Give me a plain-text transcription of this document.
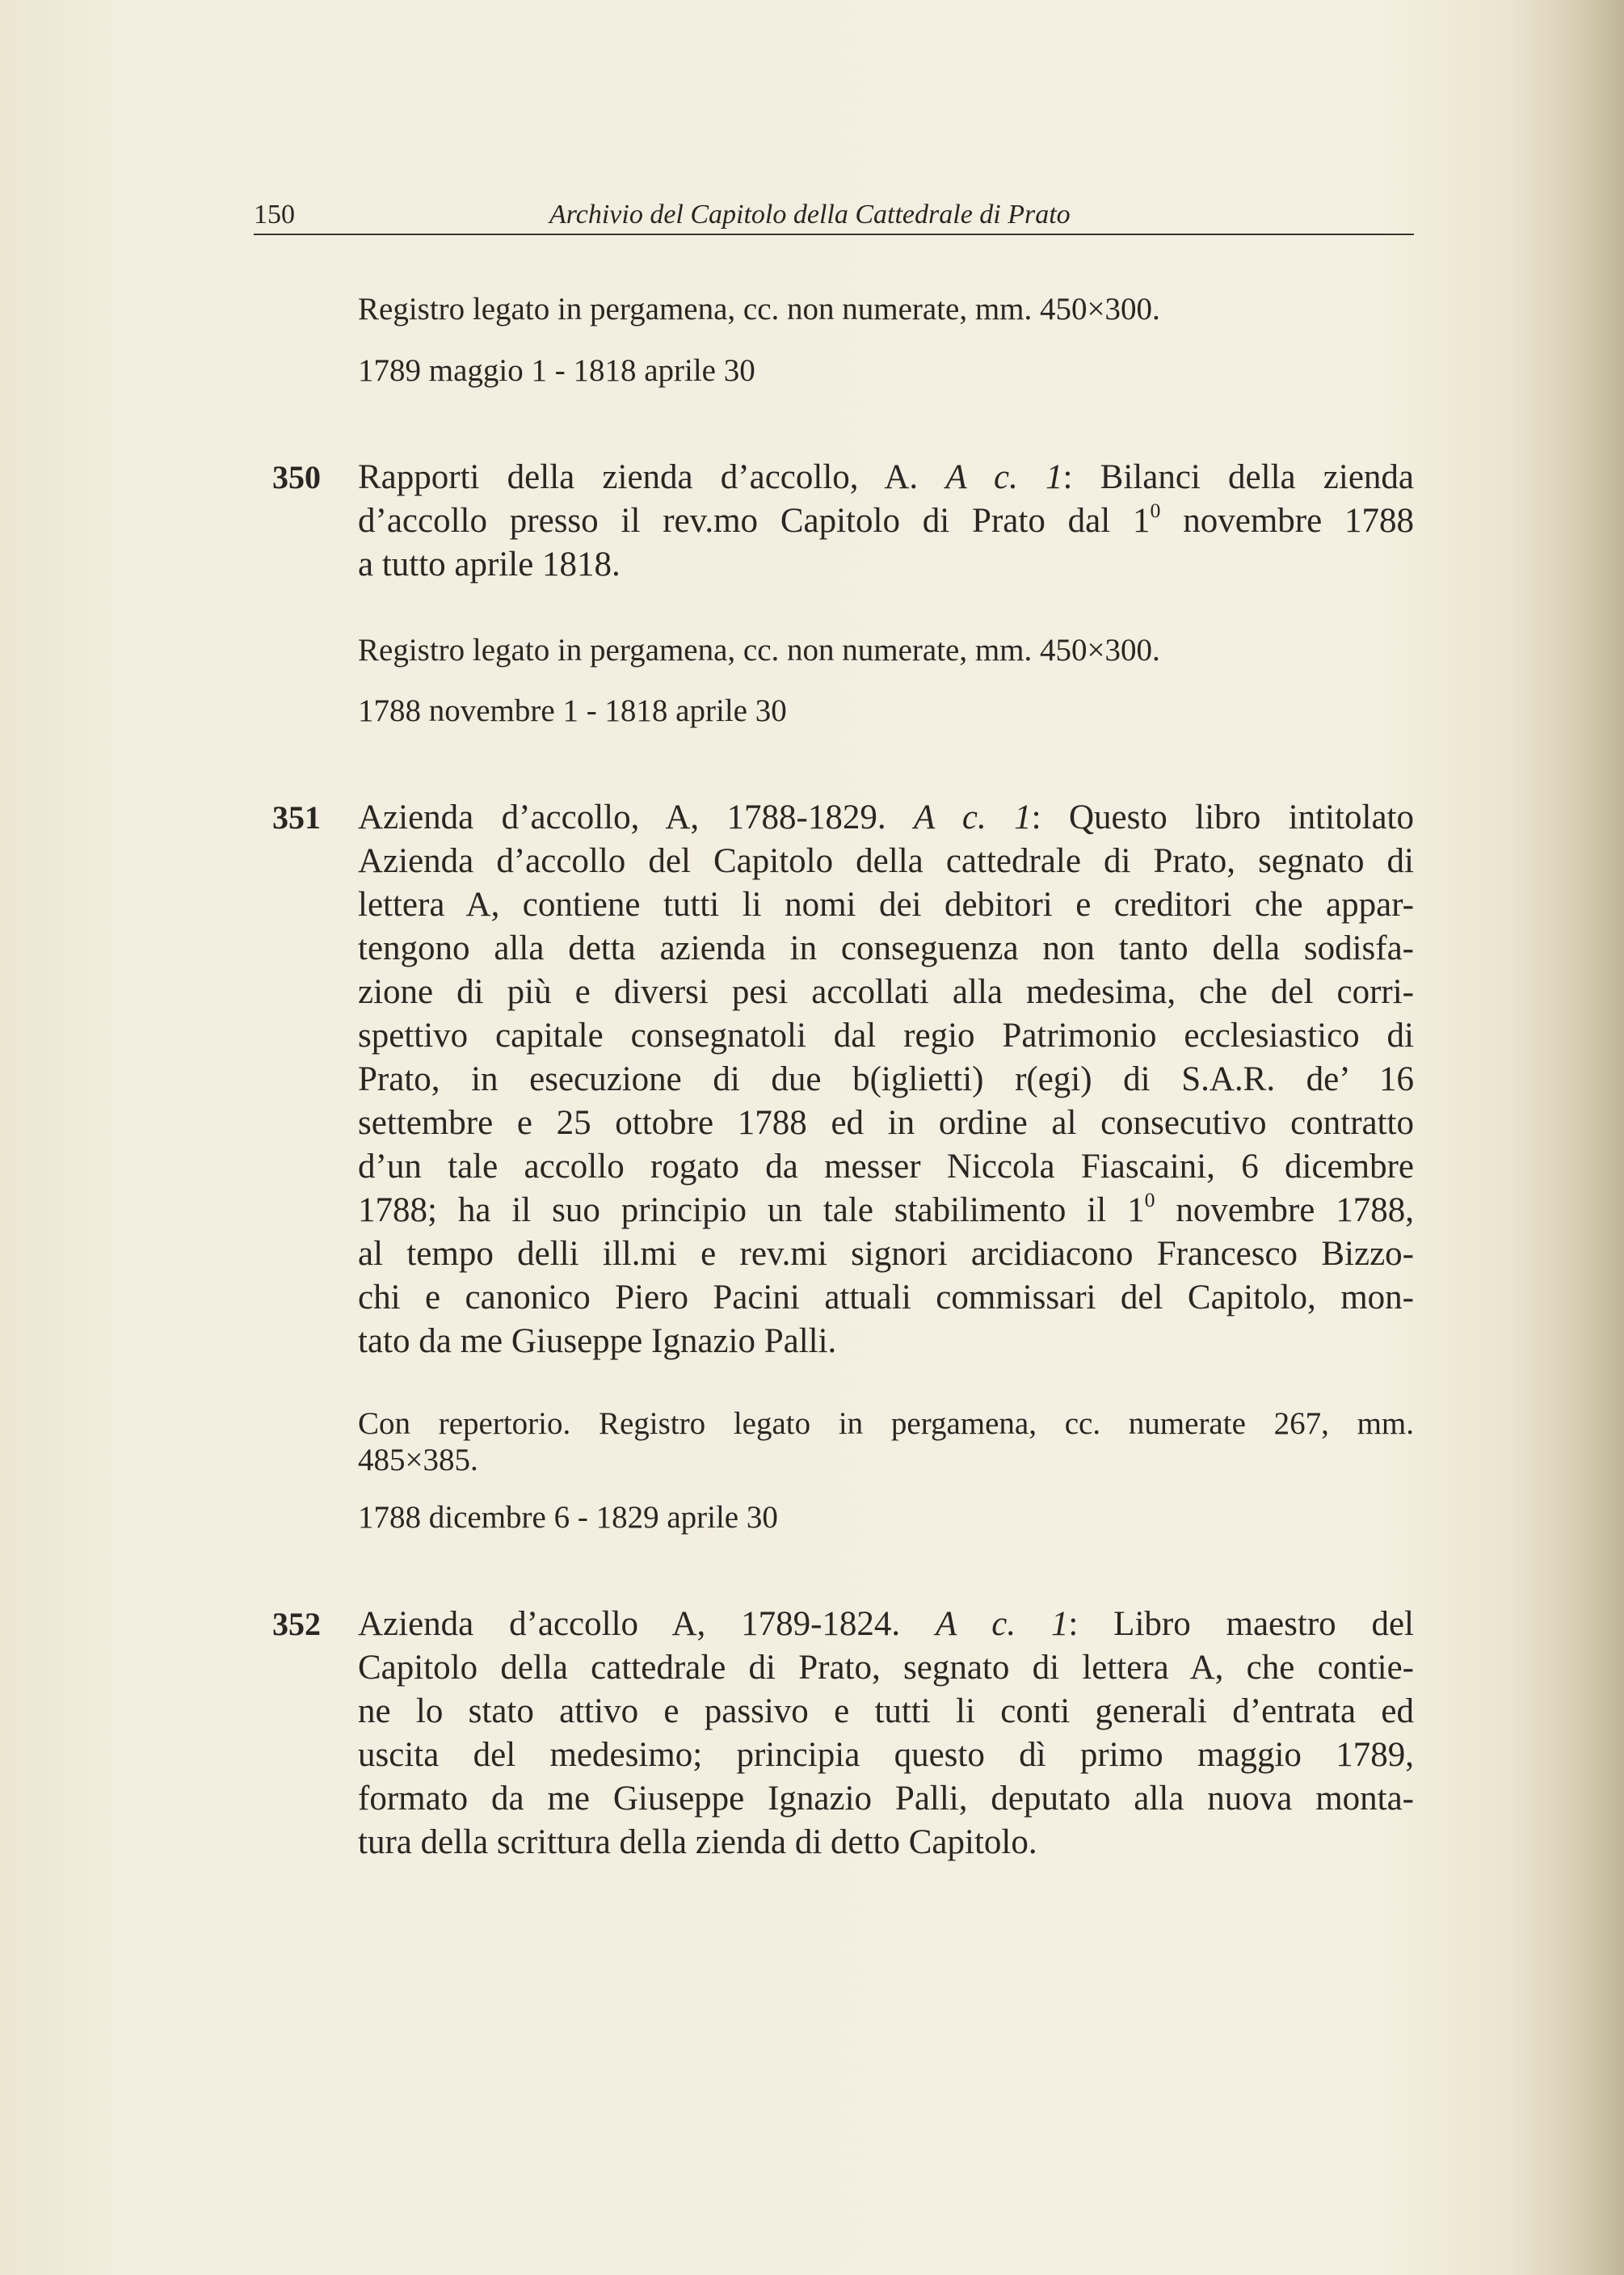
150	Archivio del Capitolo della Cattedrale di Prato
Registro legato in pergamena, cc. non numerate, mm. 450×300.
1789 maggio 1 - 1818 aprile 30
350 Rapporti della zienda d’accollo, A. A c. 1: Bilanci della zienda
d’accollo presso il rev.mo Capitolo di Prato dal $1^0$ novembre 1788
a tutto aprile 1818.
Registro legato in pergamena, cc. non numerate, mm. 450×300.
1788 novembre 1 - 1818 aprile 30
351 Azienda d’accollo, A, 1788-1829. A c. 1: Questo libro intitolato
Azienda d’accollo del Capitolo della cattedrale di Prato, segnato di
lettera A, contiene tutti li nomi dei debitori e creditori che appar-
tengono alla detta azienda in conseguenza non tanto della sodisfa-
zione di più e diversi pesi accollati alla medesima, che del corri-
spettivo capitale consegnatoli dal regio Patrimonio ecclesiastico di
Prato, in esecuzione di due b(iglietti) r(egi) di S.A.R. de’ 16
settembre e 25 ottobre 1788 ed in ordine al consecutivo contratto
d’un tale accollo rogato da messer Niccola Fiascaini, 6 dicembre
1788; ha il suo principio un tale stabilimento il $1^0$ novembre 1788,
al tempo delli ill.mi e rev.mi signori arcidiacono Francesco Bizzo-
chi e canonico Piero Pacini attuali commissari del Capitolo, mon-
tato da me Giuseppe Ignazio Palli.
Con repertorio. Registro legato in pergamena, cc. numerate 267, mm.
485×385.
1788 dicembre 6 - 1829 aprile 30
352 Azienda d’accollo A, 1789-1824. A c. 1: Libro maestro del
Capitolo della cattedrale di Prato, segnato di lettera A, che contie-
ne lo stato attivo e passivo e tutti li conti generali d’entrata ed
uscita del medesimo; principia questo dì primo maggio 1789,
formato da me Giuseppe Ignazio Palli, deputato alla nuova monta-
tura della scrittura della zienda di detto Capitolo.
